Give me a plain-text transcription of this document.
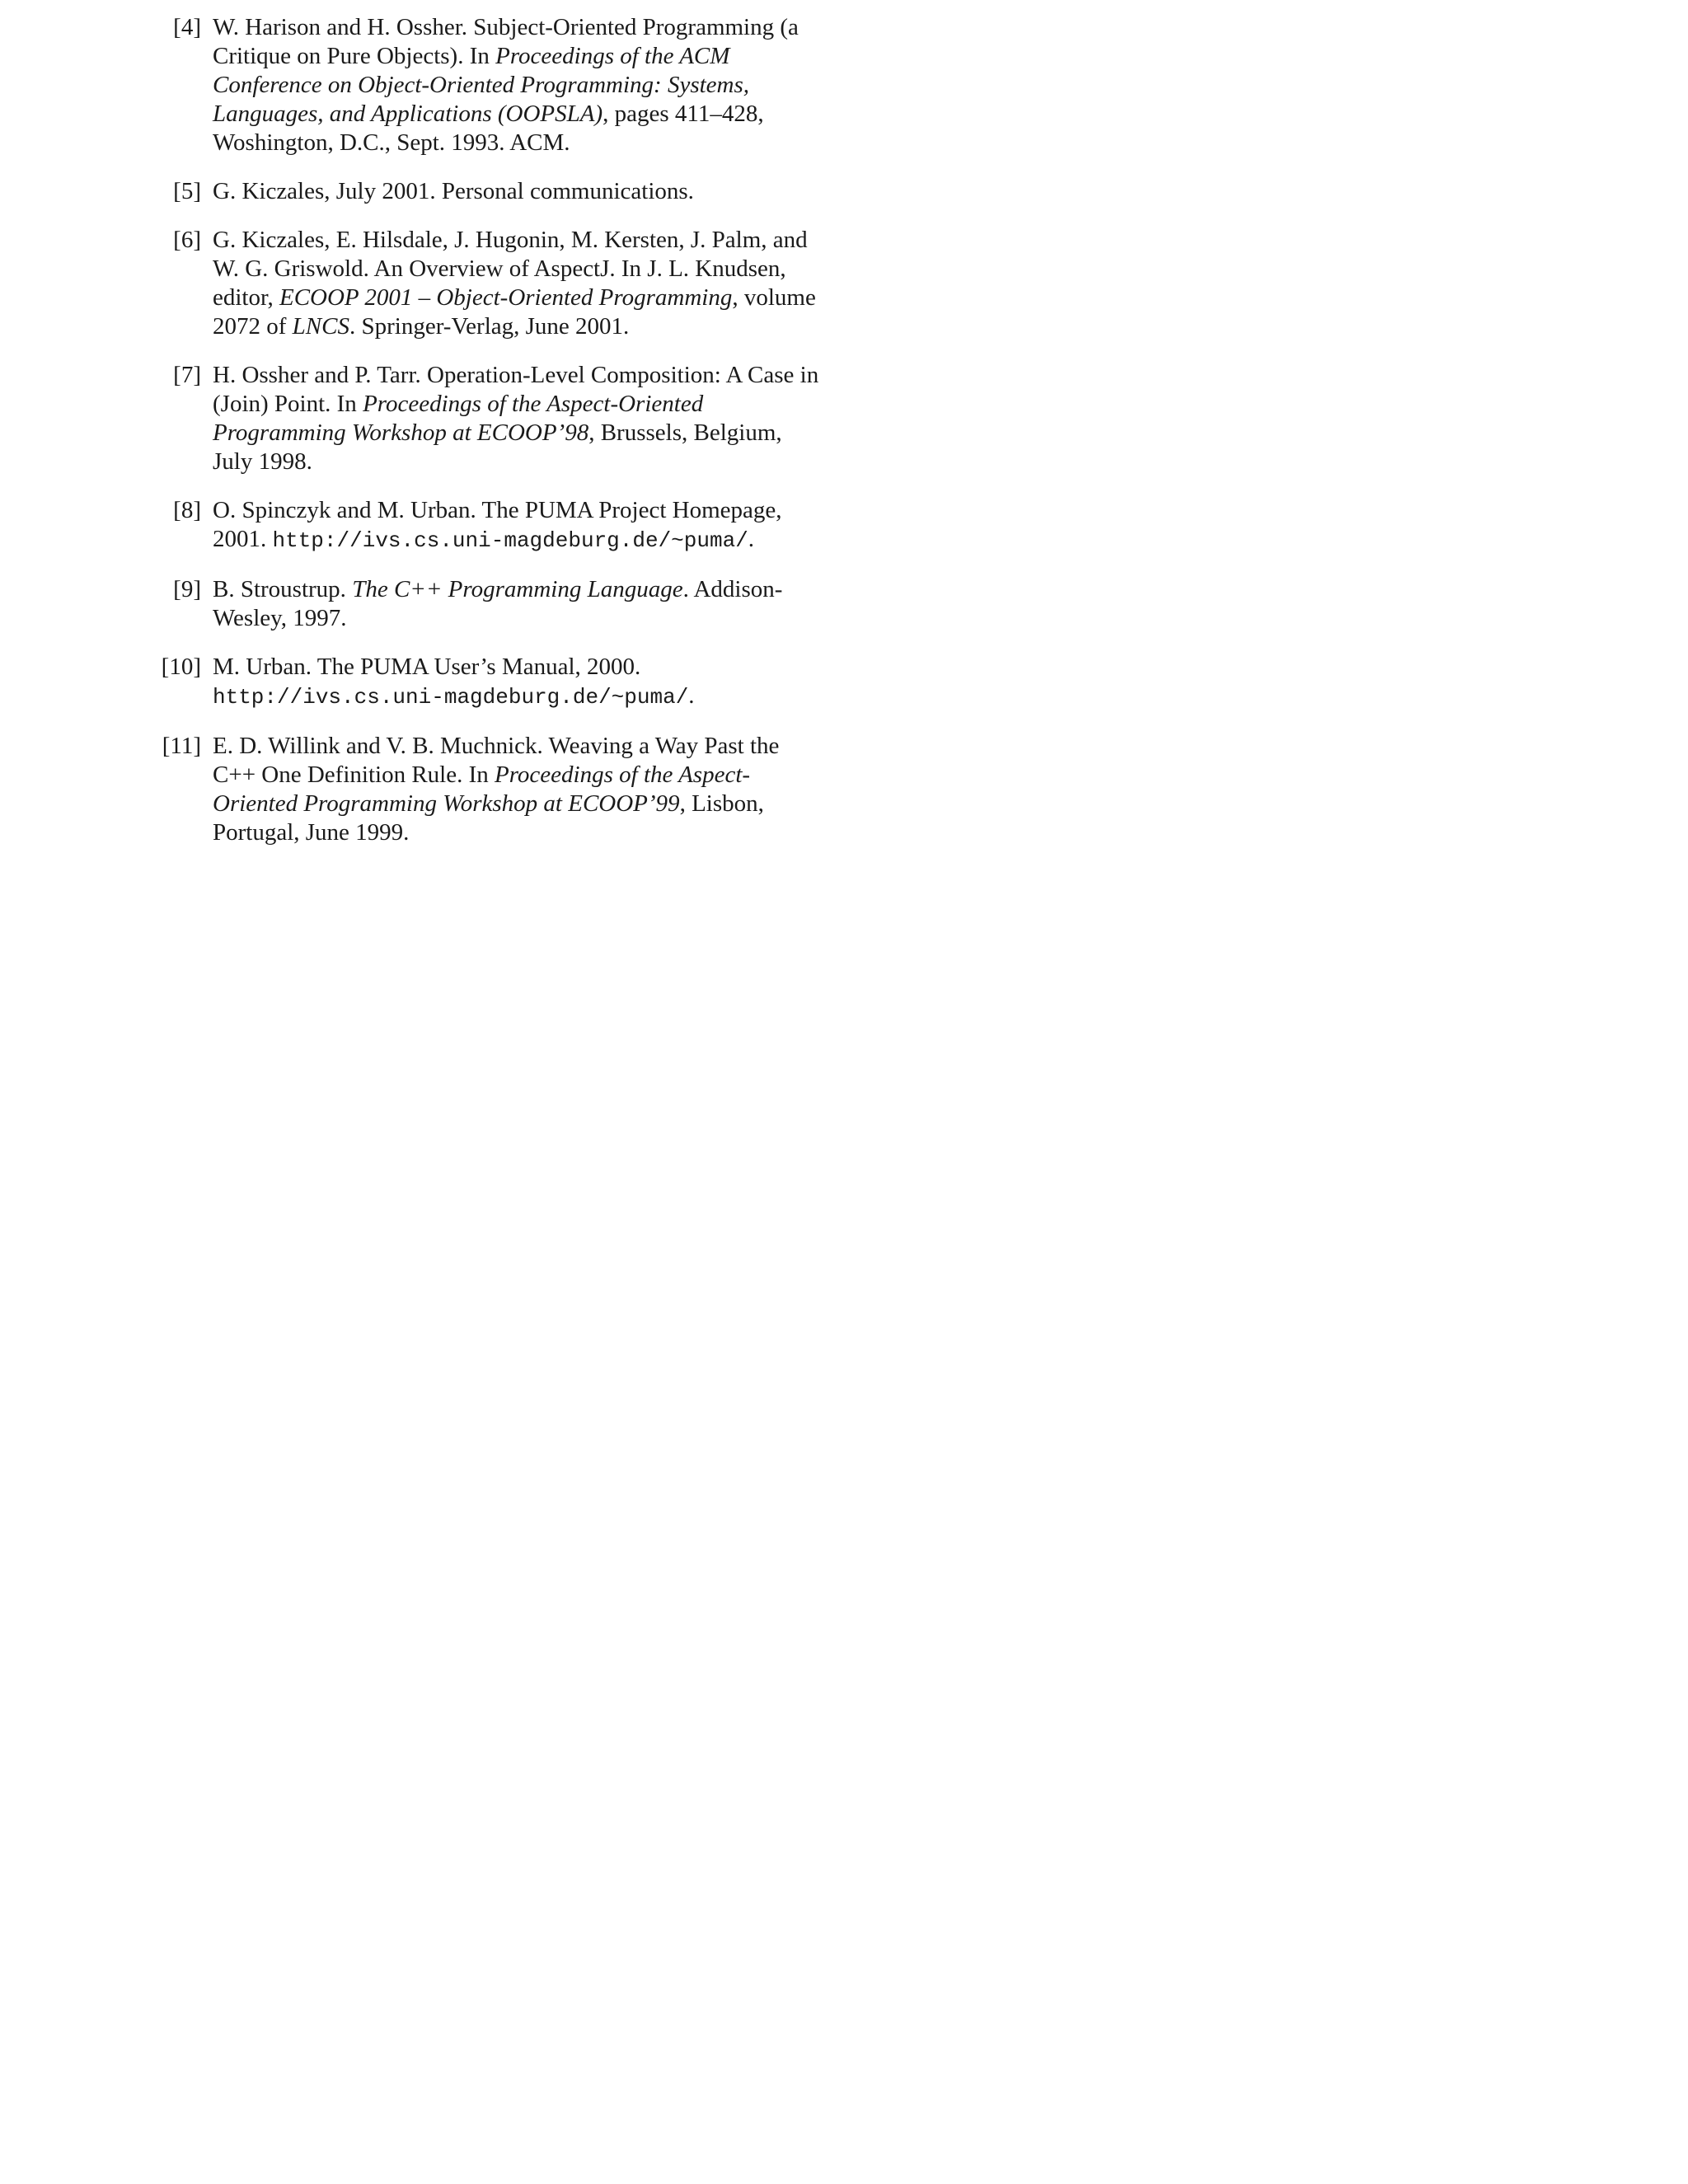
[4] W. Harison and H. Ossher. Subject-Oriented Programming (a Critique on Pure Objects). In Proceedings of the ACM Conference on Object-Oriented Programming: Systems, Languages, and Applications (OOPSLA), pages 411–428, Woshington, D.C., Sept. 1993. ACM.
[5] G. Kiczales, July 2001. Personal communications.
[6] G. Kiczales, E. Hilsdale, J. Hugonin, M. Kersten, J. Palm, and W. G. Griswold. An Overview of AspectJ. In J. L. Knudsen, editor, ECOOP 2001 – Object-Oriented Programming, volume 2072 of LNCS. Springer-Verlag, June 2001.
[7] H. Ossher and P. Tarr. Operation-Level Composition: A Case in (Join) Point. In Proceedings of the Aspect-Oriented Programming Workshop at ECOOP’98, Brussels, Belgium, July 1998.
[8] O. Spinczyk and M. Urban. The PUMA Project Homepage, 2001. http://ivs.cs.uni-magdeburg.de/~puma/.
[9] B. Stroustrup. The C++ Programming Language. Addison-Wesley, 1997.
[10] M. Urban. The PUMA User’s Manual, 2000. http://ivs.cs.uni-magdeburg.de/~puma/.
[11] E. D. Willink and V. B. Muchnick. Weaving a Way Past the C++ One Definition Rule. In Proceedings of the Aspect-Oriented Programming Workshop at ECOOP’99, Lisbon, Portugal, June 1999.
